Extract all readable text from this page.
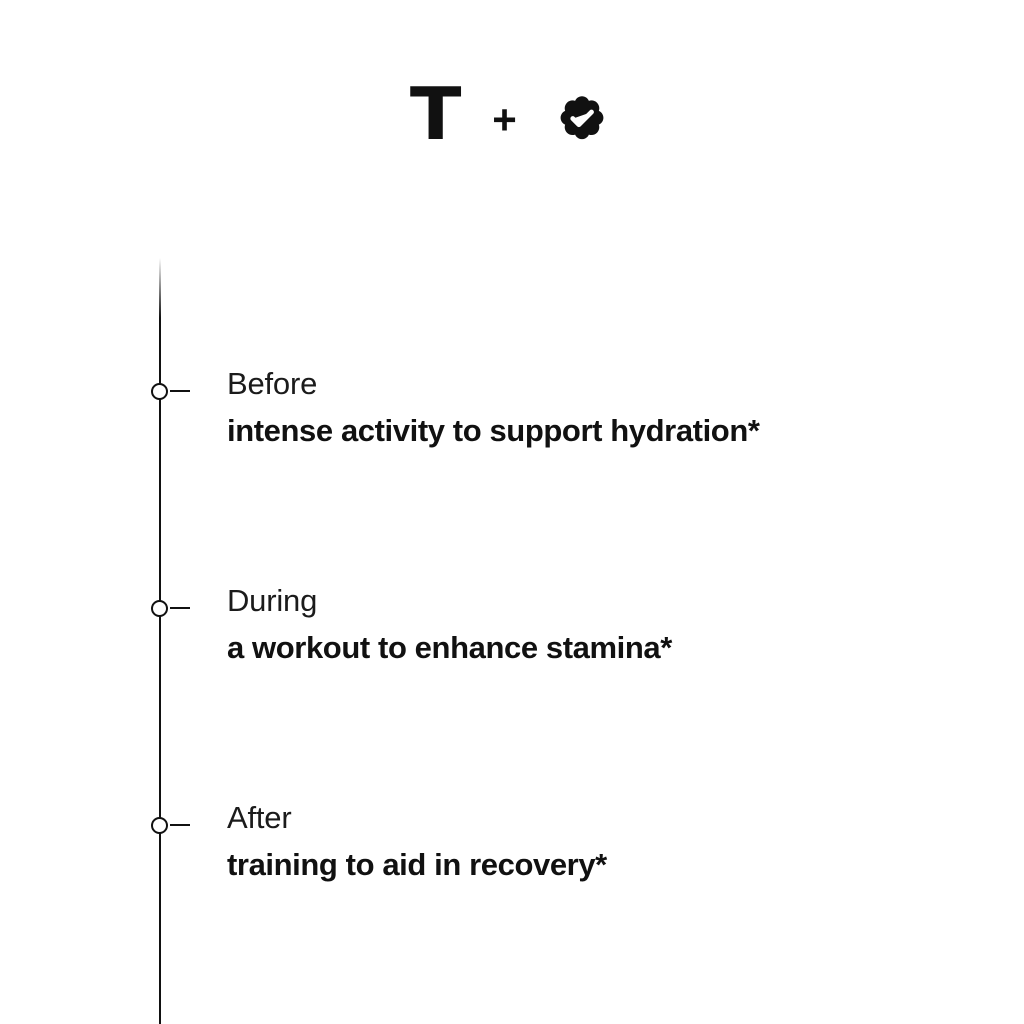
T +
Before
intense activity to support hydration*
During
a workout to enhance stamina*
After
training to aid in recovery*
